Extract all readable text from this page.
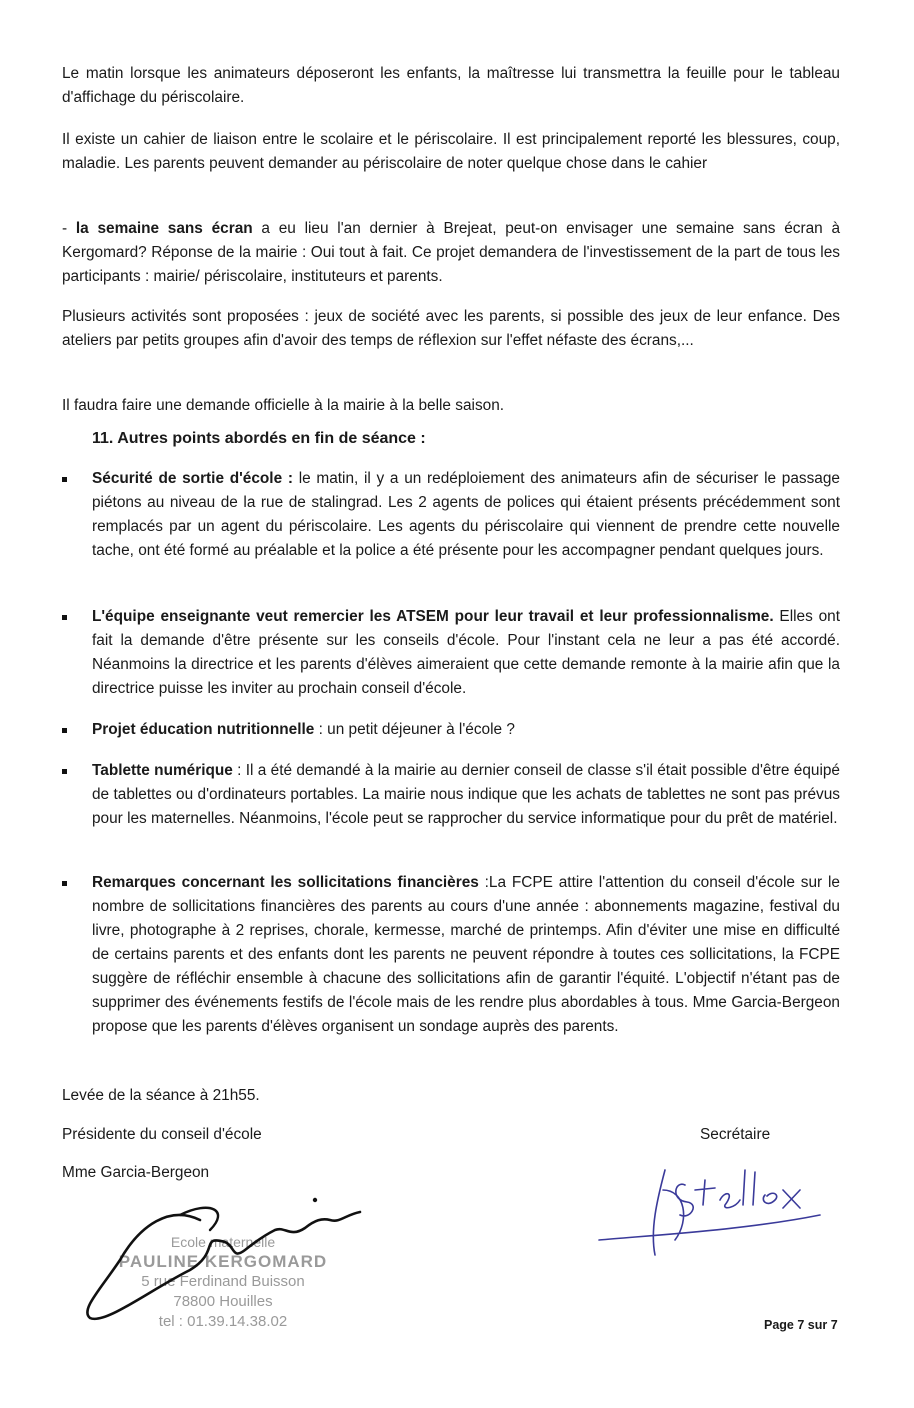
Le matin lorsque les animateurs déposeront les enfants, la maîtresse lui transmettra la feuille pour le tableau d'affichage du périscolaire.

Il existe un cahier de liaison entre le scolaire et le périscolaire. Il est principalement reporté les blessures, coup, maladie. Les parents peuvent demander au périscolaire de noter quelque chose dans le cahier

- la semaine sans écran a eu lieu l'an dernier à Brejeat, peut-on envisager une semaine sans écran à Kergomard? Réponse de la mairie : Oui tout à fait. Ce projet demandera de l'investissement de la part de tous les participants : mairie/ périscolaire, instituteurs et parents.

Plusieurs activités sont proposées : jeux de société avec les parents, si possible des jeux de leur enfance. Des ateliers par petits groupes afin d'avoir des temps de réflexion sur l'effet néfaste des écrans,...

Il faudra faire une demande officielle à la mairie à la belle saison.

11. Autres points abordés en fin de séance :

Sécurité de sortie d'école : le matin, il y a un redéploiement des animateurs afin de sécuriser le passage piétons au niveau de la rue de stalingrad. Les 2 agents de polices qui étaient présents précédemment sont remplacés par un agent du périscolaire. Les agents du périscolaire qui viennent de prendre cette nouvelle tache, ont été formé au préalable et la police a été présente pour les accompagner pendant quelques jours.

L'équipe enseignante veut remercier les ATSEM pour leur travail et leur professionnalisme. Elles ont fait la demande d'être présente sur les conseils d'école. Pour l'instant cela ne leur a pas été accordé. Néanmoins la directrice et les parents d'élèves aimeraient que cette demande remonte à la mairie afin que la directrice puisse les inviter au prochain conseil d'école.

Projet éducation nutritionnelle : un petit déjeuner à l'école ?

Tablette numérique : Il a été demandé à la mairie au dernier conseil de classe s'il était possible d'être équipé de tablettes ou d'ordinateurs portables. La mairie nous indique que les achats de tablettes ne sont pas prévus pour les maternelles. Néanmoins, l'école peut se rapprocher du service informatique pour du prêt de matériel.

Remarques concernant les sollicitations financières :La FCPE attire l'attention du conseil d'école sur le nombre de sollicitations financières des parents au cours d'une année : abonnements magazine, festival du livre, photographe à 2 reprises, chorale, kermesse, marché de printemps. Afin d'éviter une mise en difficulté de certains parents et des enfants dont les parents ne peuvent répondre à toutes ces sollicitations, la FCPE suggère de réfléchir ensemble à chacune des sollicitations afin de garantir l'équité. L'objectif n'étant pas de supprimer des événements festifs de l'école mais de les rendre plus abordables à tous. Mme Garcia-Bergeon propose que les parents d'élèves organisent un sondage auprès des parents.

Levée de la séance à 21h55.

Présidente du conseil d'école	Secrétaire

Mme Garcia-Bergeon

Ecole maternelle
PAULINE KERGOMARD
5 rue Ferdinand Buisson
78800 Houilles
tel : 01.39.14.38.02	Page 7 sur 7
